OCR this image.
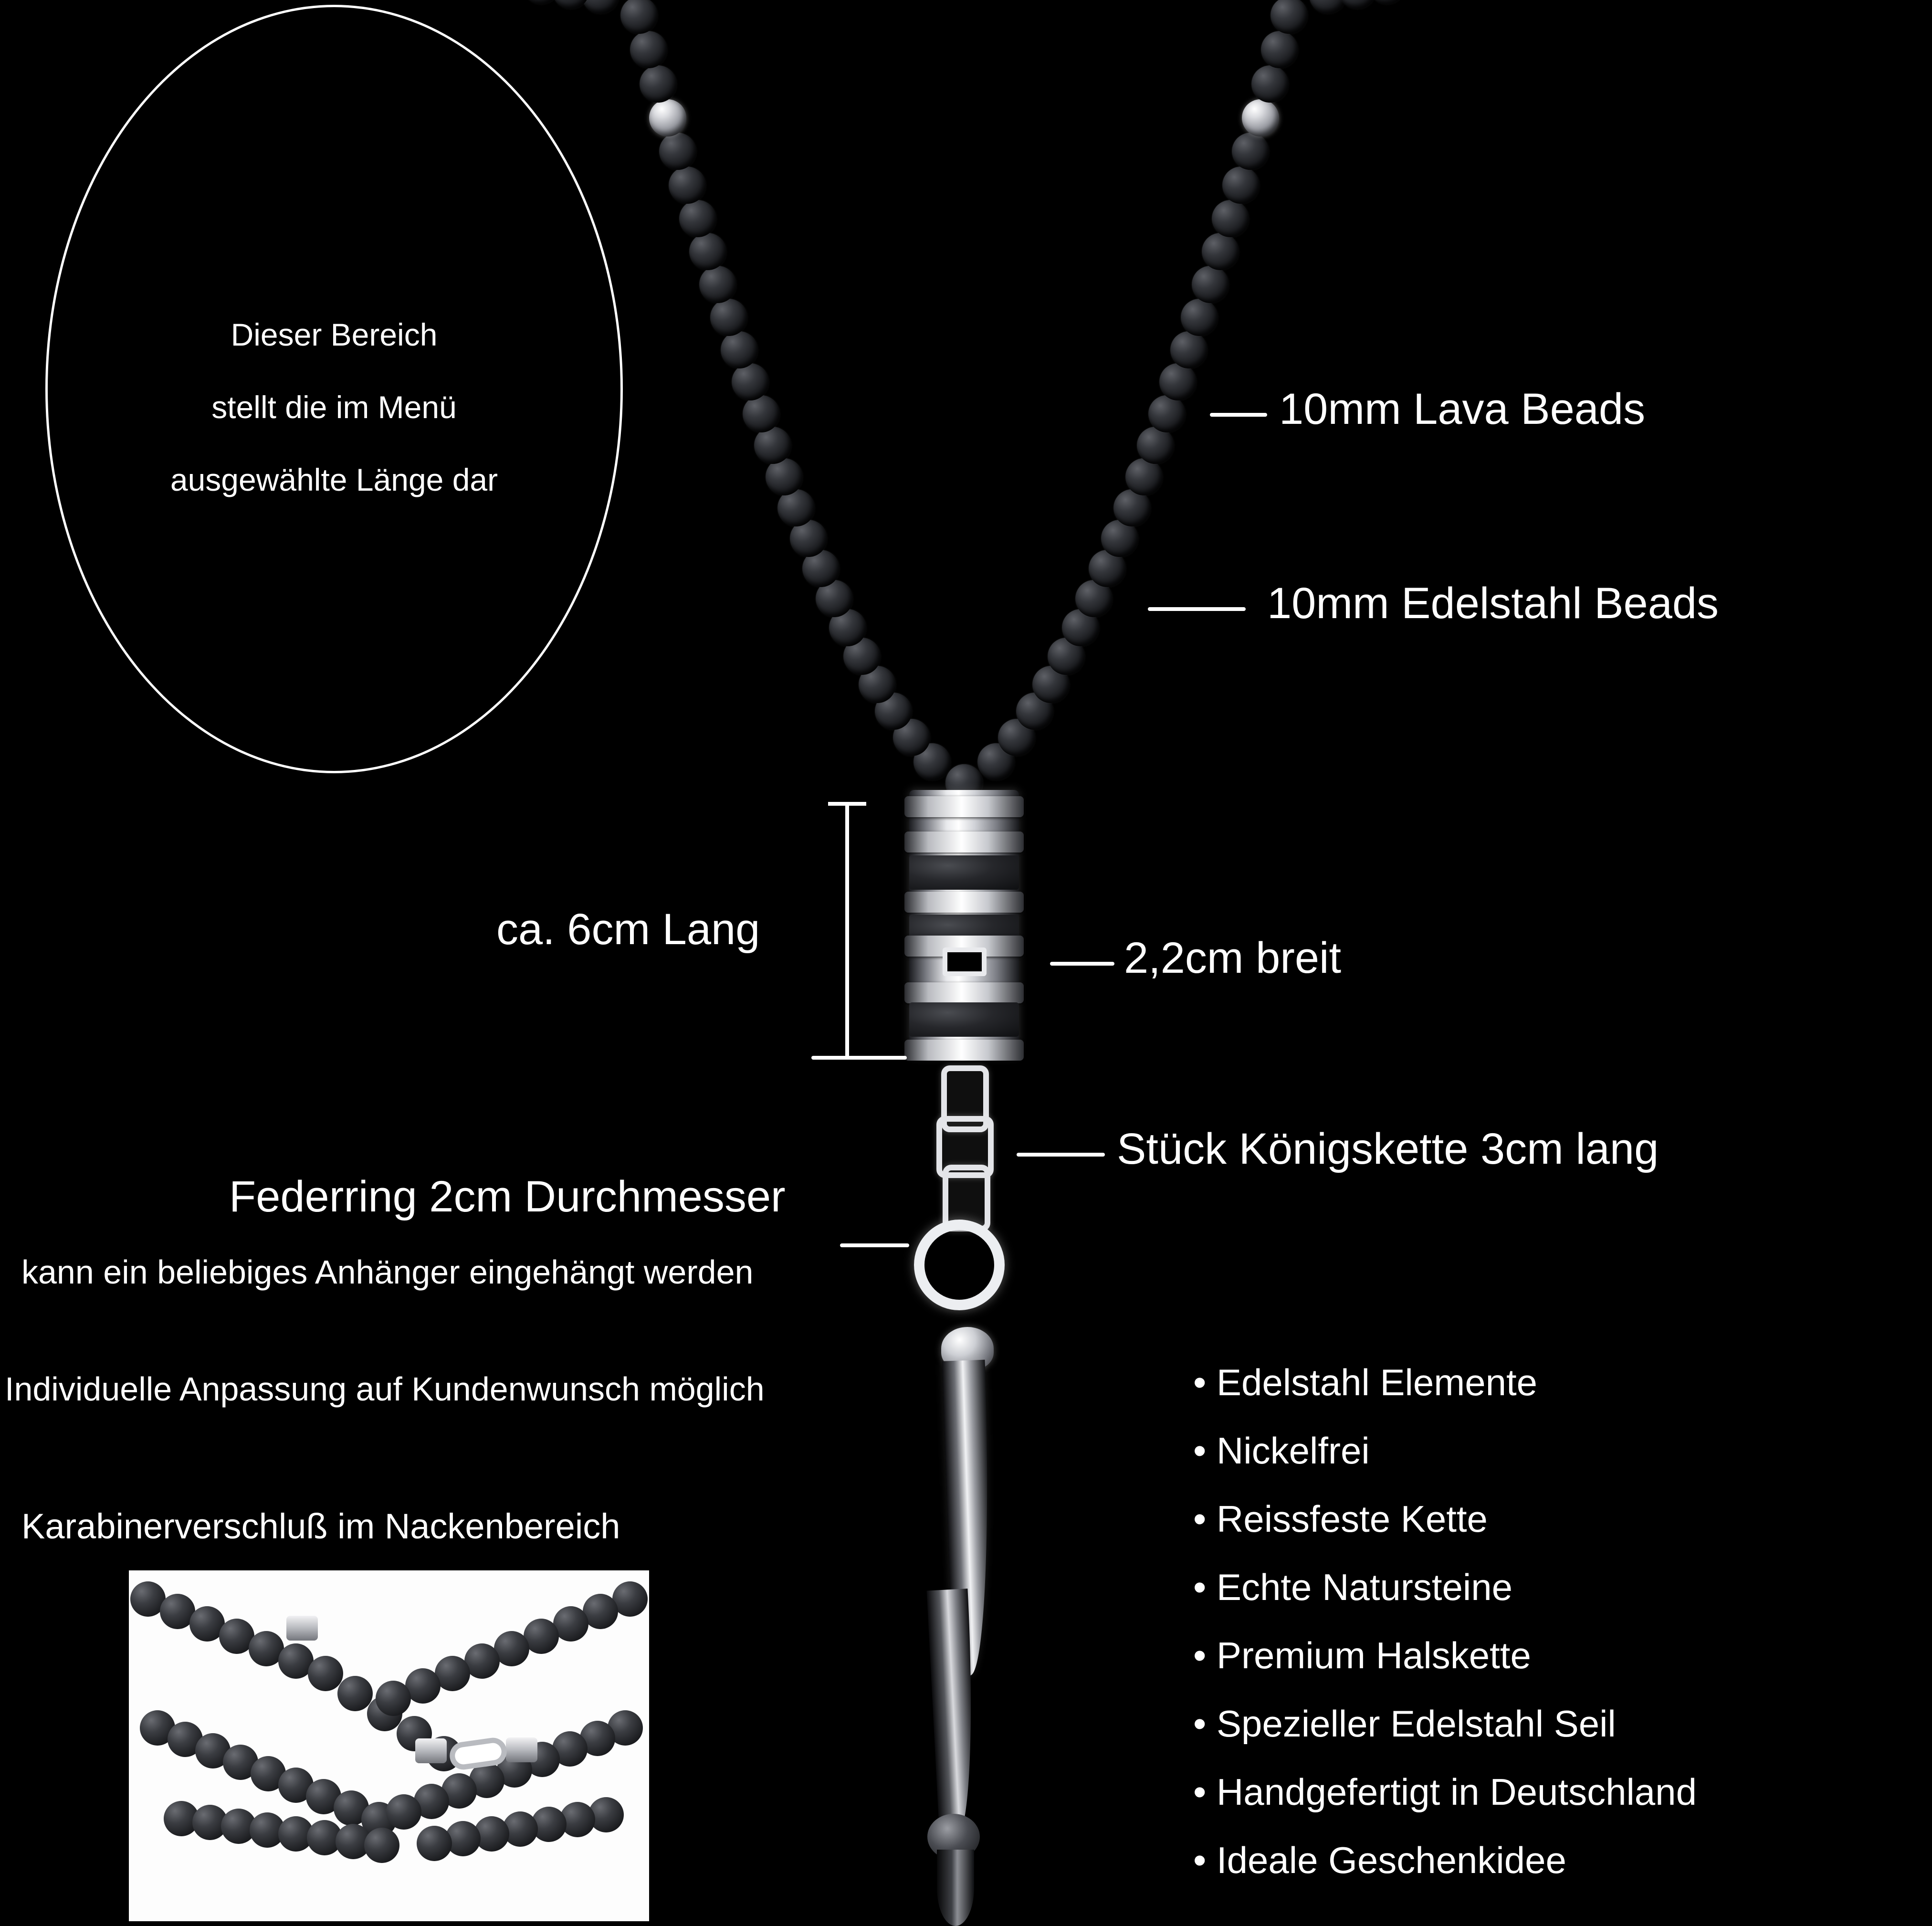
Dieser Bereich
stellt die im Menü
ausgewählte Länge dar
10mm Lava Beads
10mm Edelstahl Beads
ca. 6cm Lang
2,2cm breit
Stück Königskette 3cm lang
Federring 2cm Durchmesser
kann ein beliebiges Anhänger eingehängt werden
Individuelle Anpassung auf Kundenwunsch möglich
Karabinerverschluß im Nackenbereich
• Edelstahl Elemente
• Nickelfrei
• Reissfeste Kette
• Echte Natursteine
• Premium Halskette
• Spezieller Edelstahl Seil
• Handgefertigt in Deutschland
• Ideale Geschenkidee
